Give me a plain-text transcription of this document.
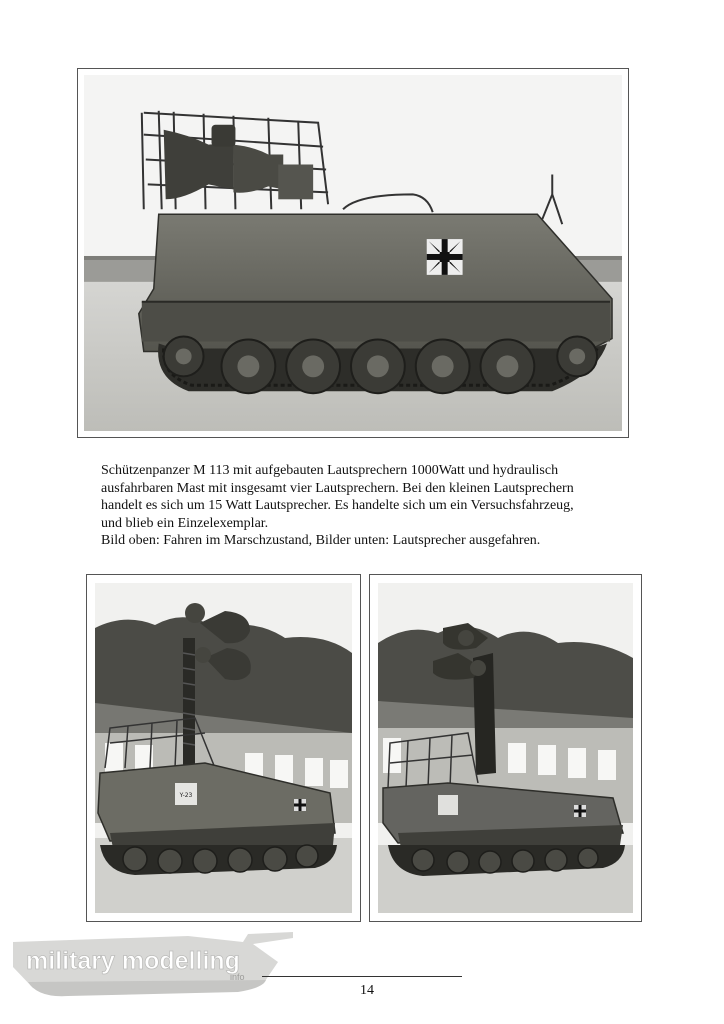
Schützenpanzer M 113 mit aufgebauten Lautsprechern 1000Watt und hydraulisch

ausfahrbaren Mast mit insgesamt vier Lautsprechern. Bei den kleinen Lautsprechern

handelt es sich um 15 Watt Lautsprecher. Es handelte sich um ein Versuchsfahrzeug,

und blieb ein Einzelexemplar.

Bild oben: Fahren im Marschzustand, Bilder unten: Lautsprecher ausgefahren.

Y-23
military modelling
info
14
